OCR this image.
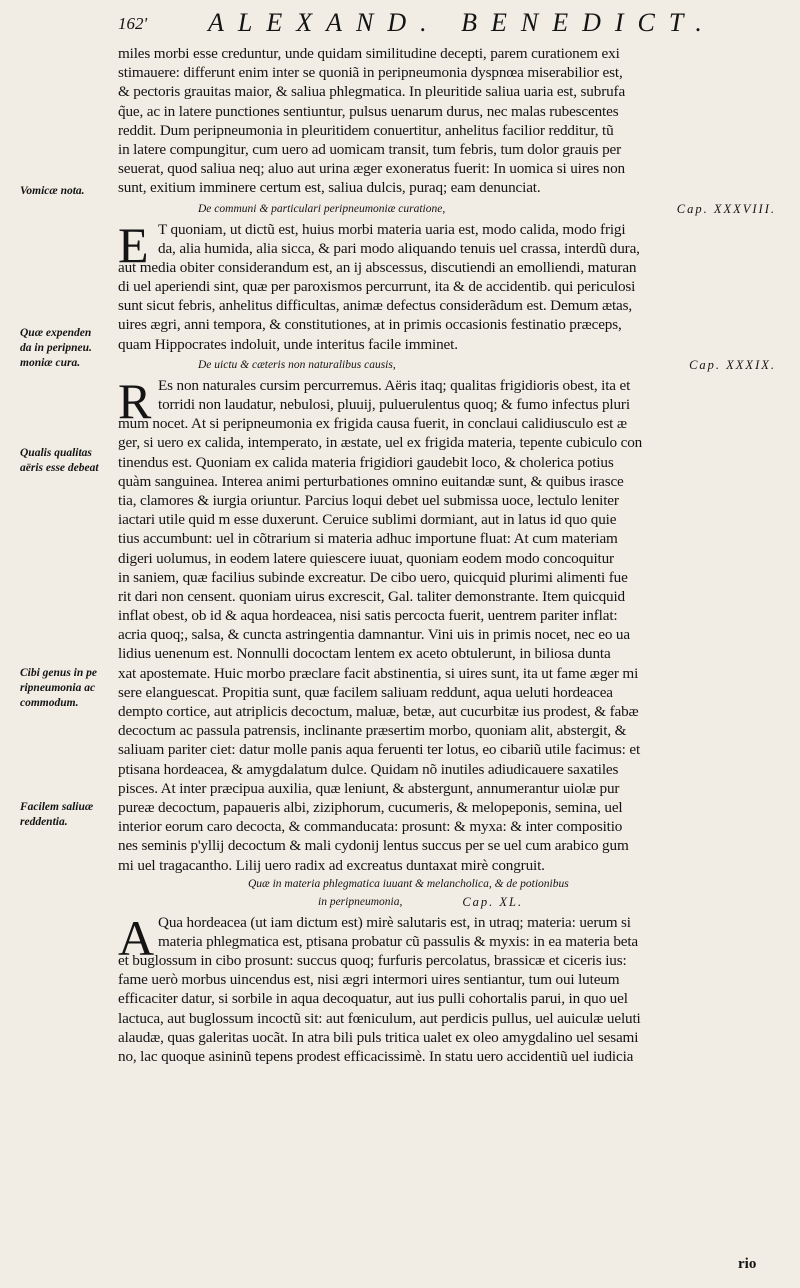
162' ALEXAND. BENEDICT.
Vomicæ nota.
Quæ expenden
da in peripneu.
moniæ cura.
Qualis qualitas
aëris esse debeat
Cibi genus in pe
ripneumonia ac
commodum.
Facilem saliuæ
reddentia.
miles morbi esse creduntur, unde quidam similitudine decepti, parem curationem exi
stimauere: differunt enim inter se quoniã in peripneumonia dyspnœa miserabilior est,
& pectoris grauitas maior, & saliua phlegmatica. In pleuritide saliua uaria est, subrufa
q̃ue, ac in latere punctiones sentiuntur, pulsus uenarum durus, nec malas rubescentes
reddit. Dum peripneumonia in pleuritidem conuertitur, anhelitus facilior redditur, tũ
in latere compungitur, cum uero ad uomicam transit, tum febris, tum dolor grauis per
seuerat, quod saliua neq; aluo aut urina æger exoneratus fuerit: In uomica si uires non
sunt, exitium imminere certum est, saliua dulcis, puraq; eam denunciat.
De communi & particulari peripneumoniæ curatione,	Cap. XXXVIII.
E T quoniam, ut dictũ est, huius morbi materia uaria est, modo calida, modo frigi
da, alia humida, alia sicca, & pari modo aliquando tenuis uel crassa, interdũ dura,
aut media obiter considerandum est, an ij abscessus, discutiendi an emolliendi, maturan
di uel aperiendi sint, quæ per paroxismos percurrunt, ita & de accidentib. qui periculosi
sunt sicut febris, anhelitus difficultas, animæ defectus considerãdum est. Demum ætas,
uires ægri, anni tempora, & constitutiones, at in primis occasionis festinatio præceps,
quam Hippocrates indoluit, unde interitus facile imminet.
De uictu & cæteris non naturalibus causis,	Cap. XXXIX.
R Es non naturales cursim percurremus. Aëris itaq; qualitas frigidioris obest, ita et
torridi non laudatur, nebulosi, pluuij, puluerulentus quoq; & fumo infectus pluri
mum nocet. At si peripneumonia ex frigida causa fuerit, in conclaui calidiusculo est æ
ger, si uero ex calida, intemperato, in æstate, uel ex frigida materia, tepente cubiculo con
tinendus est. Quoniam ex calida materia frigidiori gaudebit loco, & cholerica potius
quàm sanguinea. Interea animi perturbationes omnino euitandæ sunt, & quibus irasce
tia, clamores & iurgia oriuntur. Parcius loqui debet uel submissa uoce, lectulo leniter
iactari utile quid m esse duxerunt. Ceruice sublimi dormiant, aut in latus id quo quie
tius accumbunt: uel in cõtrarium si materia adhuc importune fluat: At cum materiam
digeri uolumus, in eodem latere quiescere iuuat, quoniam eodem modo concoquitur
in saniem, quæ facilius subinde excreatur. De cibo uero, quicquid plurimi alimenti fue
rit dari non censent. quoniam uirus excrescit, Gal. taliter demonstrante. Item quicquid
inflat obest, ob id & aqua hordeacea, nisi satis percocta fuerit, uentrem pariter inflat:
acria quoq;, salsa, & cuncta astringentia damnantur. Vini uis in primis nocet, nec eo ua
lidius uenenum est. Nonnulli dococtam lentem ex aceto obtulerunt, in biliosa dunta
xat apostemate. Huic morbo præclare facit abstinentia, si uires sunt, ita ut fame æger mi
sere elanguescat. Propitia sunt, quæ facilem saliuam reddunt, aqua ueluti hordeacea
dempto cortice, aut atriplicis decoctum, maluæ, betæ, aut cucurbitæ ius prodest, & fabæ
decoctum ac passula patrensis, inclinante præsertim morbo, quoniam alit, abstergit, &
saliuam pariter ciet: datur molle panis aqua feruenti ter lotus, eo cibariũ utile facimus: et
ptisana hordeacea, & amygdalatum dulce. Quidam nõ inutiles adiudicauere saxatiles
pisces. At inter præcipua auxilia, quæ leniunt, & abstergunt, annumerantur uiolæ pur
pureæ decoctum, papaueris albi, ziziphorum, cucumeris, & melopeponis, semina, uel
interior eorum caro decocta, & commanducata: prosunt: & myxa: & inter compositio
nes seminis p'yllij decoctum & mali cydonij lentus succus per se uel cum arabico gum
mi uel tragacantho. Lilij uero radix ad excreatus duntaxat mirè congruit.
Quæ in materia phlegmatica iuuant & melancholica, & de potionibus
in peripneumonia,	Cap. XL.
A Qua hordeacea (ut iam dictum est) mirè salutaris est, in utraq; materia: uerum si
materia phlegmatica est, ptisana probatur cũ passulis & myxis: in ea materia beta
et buglossum in cibo prosunt: succus quoq; furfuris percolatus, brassicæ et ciceris ius:
fame uerò morbus uincendus est, nisi ægri intermori uires sentiantur, tum oui luteum
efficaciter datur, si sorbile in aqua decoquatur, aut ius pulli cohortalis parui, in quo uel
lactuca, aut buglossum incoctũ sit: aut fœniculum, aut perdicis pullus, uel auiculæ ueluti
alaudæ, quas galeritas uocãt. In atra bili puls tritica ualet ex oleo amygdalino uel sesami
no, lac quoque asininũ tepens prodest efficacissimè. In statu uero accidentiũ uel iudicia
rio
